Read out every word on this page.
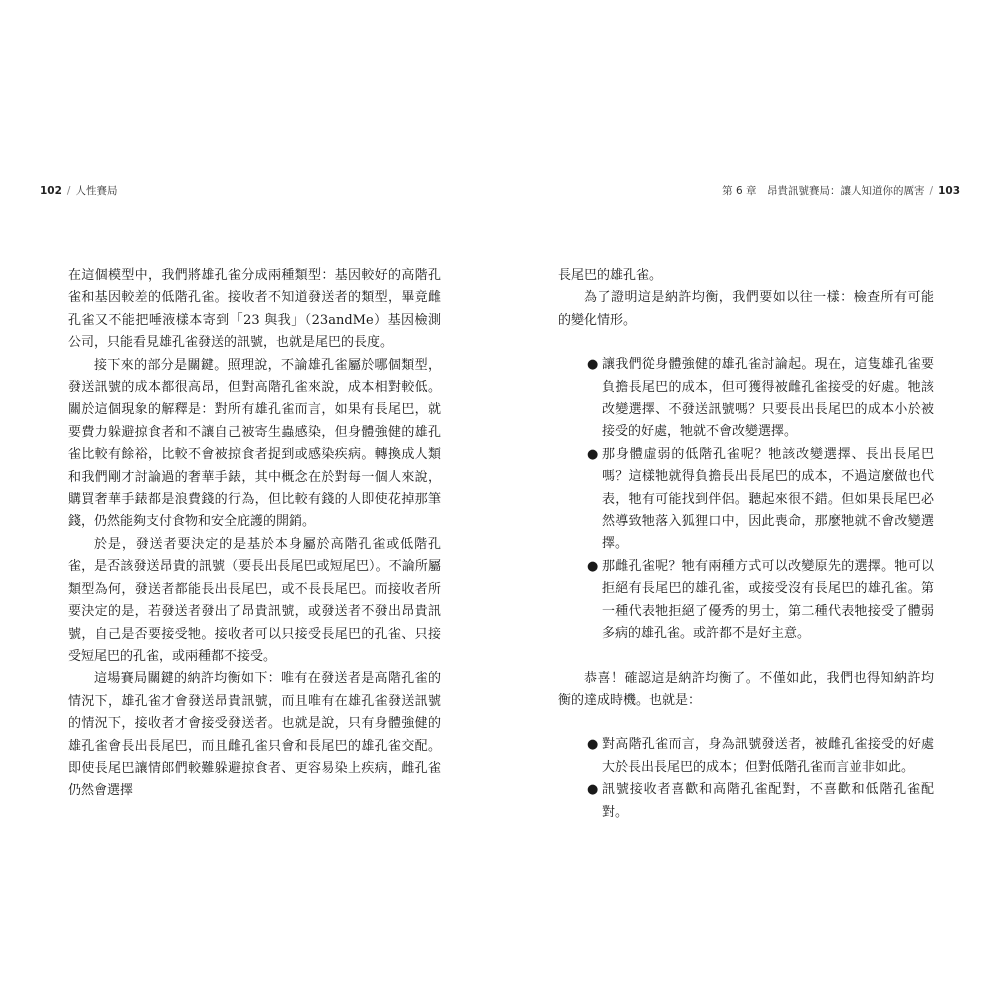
102 / 人性賽局	第 6 章　昂貴訊號賽局：讓人知道你的厲害 / 103

在這個模型中，我們將雄孔雀分成兩種類型：基因較好的高階孔雀和基因較差的低階孔雀。接收者不知道發送者的類型，畢竟雌孔雀又不能把唾液樣本寄到「23 與我」（23andMe）基因檢測公司，只能看見雄孔雀發送的訊號，也就是尾巴的長度。

接下來的部分是關鍵。照理說，不論雄孔雀屬於哪個類型，發送訊號的成本都很高昂，但對高階孔雀來說，成本相對較低。關於這個現象的解釋是：對所有雄孔雀而言，如果有長尾巴，就要費力躲避掠食者和不讓自己被寄生蟲感染，但身體強健的雄孔雀比較有餘裕，比較不會被掠食者捉到或感染疾病。轉換成人類和我們剛才討論過的奢華手錶，其中概念在於對每一個人來說，購買奢華手錶都是浪費錢的行為，但比較有錢的人即使花掉那筆錢，仍然能夠支付食物和安全庇護的開銷。

於是，發送者要決定的是基於本身屬於高階孔雀或低階孔雀，是否該發送昂貴的訊號（要長出長尾巴或短尾巴）。不論所屬類型為何，發送者都能長出長尾巴，或不長長尾巴。而接收者所要決定的是，若發送者發出了昂貴訊號，或發送者不發出昂貴訊號，自己是否要接受牠。接收者可以只接受長尾巴的孔雀、只接受短尾巴的孔雀，或兩種都不接受。

這場賽局關鍵的納許均衡如下：唯有在發送者是高階孔雀的情況下，雄孔雀才會發送昂貴訊號，而且唯有在雄孔雀發送訊號的情況下，接收者才會接受發送者。也就是說，只有身體強健的雄孔雀會長出長尾巴，而且雌孔雀只會和長尾巴的雄孔雀交配。即使長尾巴讓情郎們較難躲避掠食者、更容易染上疾病，雌孔雀仍然會選擇

長尾巴的雄孔雀。

為了證明這是納許均衡，我們要如以往一樣：檢查所有可能的變化情形。

● 讓我們從身體強健的雄孔雀討論起。現在，這隻雄孔雀要負擔長尾巴的成本，但可獲得被雌孔雀接受的好處。牠該改變選擇、不發送訊號嗎？只要長出長尾巴的成本小於被接受的好處，牠就不會改變選擇。
● 那身體虛弱的低階孔雀呢？牠該改變選擇、長出長尾巴嗎？這樣牠就得負擔長出長尾巴的成本，不過這麼做也代表，牠有可能找到伴侶。聽起來很不錯。但如果長尾巴必然導致牠落入狐狸口中，因此喪命，那麼牠就不會改變選擇。
● 那雌孔雀呢？牠有兩種方式可以改變原先的選擇。牠可以拒絕有長尾巴的雄孔雀，或接受沒有長尾巴的雄孔雀。第一種代表牠拒絕了優秀的男士，第二種代表牠接受了體弱多病的雄孔雀。或許都不是好主意。

恭喜！確認這是納許均衡了。不僅如此，我們也得知納許均衡的達成時機。也就是：

● 對高階孔雀而言，身為訊號發送者，被雌孔雀接受的好處大於長出長尾巴的成本；但對低階孔雀而言並非如此。
● 訊號接收者喜歡和高階孔雀配對，不喜歡和低階孔雀配對。
